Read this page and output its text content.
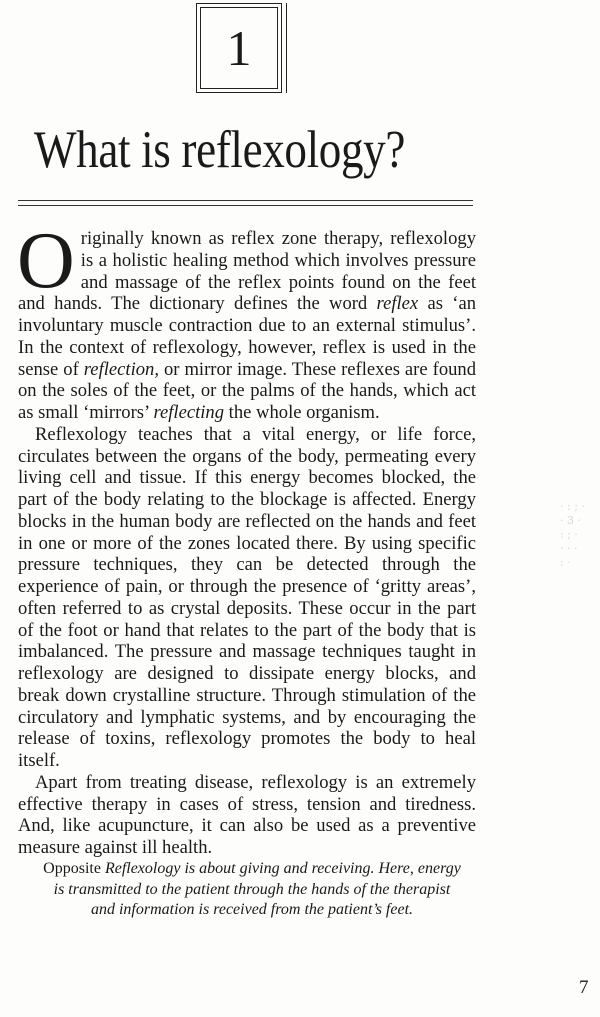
1
What is reflexology?

Originally known as reflex zone therapy, reflexology is a holistic healing method which involves pressure and massage of the reflex points found on the feet and hands. The dictionary defines the word reflex as ‘an involuntary muscle contraction due to an external stimulus’. In the context of reflexology, however, reflex is used in the sense of reflection, or mirror image. These reflexes are found on the soles of the feet, or the palms of the hands, which act as small ‘mirrors’ reflecting the whole organism.

Reflexology teaches that a vital energy, or life force, circulates between the organs of the body, permeating every living cell and tissue. If this energy becomes blocked, the part of the body relating to the blockage is affected. Energy blocks in the human body are reflected on the hands and feet in one or more of the zones located there. By using specific pressure techniques, they can be detected through the experience of pain, or through the presence of ‘gritty areas’, often referred to as crystal deposits. These occur in the part of the foot or hand that relates to the part of the body that is imbalanced. The pressure and massage techniques taught in reflexology are designed to dissipate energy blocks, and break down crystalline structure. Through stimulation of the circulatory and lymphatic systems, and by encouraging the release of toxins, reflexology promotes the body to heal itself.

Apart from treating disease, reflexology is an extremely effective therapy in cases of stress, tension and tiredness. And, like acupuncture, it can also be used as a preventive measure against ill health.

Opposite Reflexology is about giving and receiving. Here, energy is transmitted to the patient through the hands of the therapist and information is received from the patient’s feet.
7
· : ; ·
· 3 ·
: ; ·
· · ·
: ·
